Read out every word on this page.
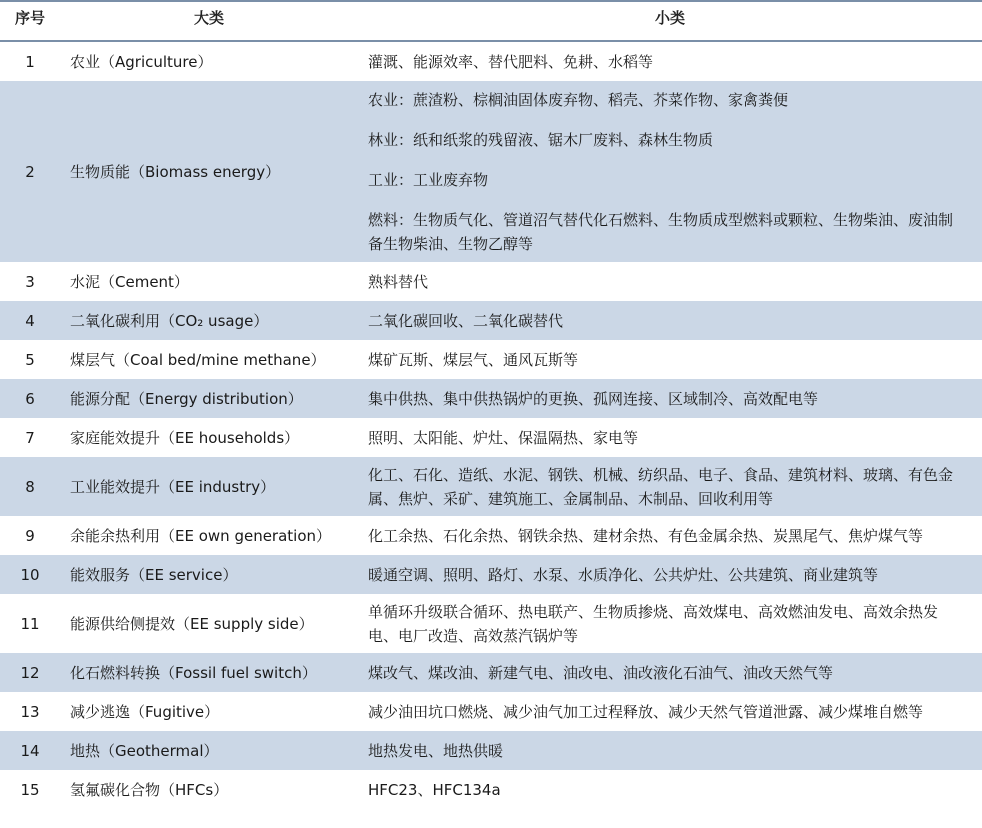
序号	大类	小类
1	农业（Agriculture）	灌溉、能源效率、替代肥料、免耕、水稻等
2	生物质能（Biomass energy）	农业：蔗渣粉、棕榈油固体废弃物、稻壳、芥菜作物、家禽粪便
林业：纸和纸浆的残留液、锯木厂废料、森林生物质
工业：工业废弃物
燃料：生物质气化、管道沼气替代化石燃料、生物质成型燃料或颗粒、生物柴油、废油制备生物柴油、生物乙醇等

3	水泥（Cement）	熟料替代
4	二氧化碳利用（CO₂ usage）	二氧化碳回收、二氧化碳替代
5	煤层气（Coal bed/mine methane）	煤矿瓦斯、煤层气、通风瓦斯等
6	能源分配（Energy distribution）	集中供热、集中供热锅炉的更换、孤网连接、区域制冷、高效配电等
7	家庭能效提升（EE households）	照明、太阳能、炉灶、保温隔热、家电等
8	工业能效提升（EE industry）	化工、石化、造纸、水泥、钢铁、机械、纺织品、电子、食品、建筑材料、玻璃、有色金属、焦炉、采矿、建筑施工、金属制品、木制品、回收利用等
9	余能余热利用（EE own generation）	化工余热、石化余热、钢铁余热、建材余热、有色金属余热、炭黑尾气、焦炉煤气等
10	能效服务（EE service）	暖通空调、照明、路灯、水泵、水质净化、公共炉灶、公共建筑、商业建筑等
11	能源供给侧提效（EE supply side）	单循环升级联合循环、热电联产、生物质掺烧、高效煤电、高效燃油发电、高效余热发电、电厂改造、高效蒸汽锅炉等
12	化石燃料转换（Fossil fuel switch）	煤改气、煤改油、新建气电、油改电、油改液化石油气、油改天然气等
13	减少逃逸（Fugitive）	减少油田坑口燃烧、减少油气加工过程释放、减少天然气管道泄露、减少煤堆自燃等
14	地热（Geothermal）	地热发电、地热供暖
15	氢氟碳化合物（HFCs）	HFC23、HFC134a
